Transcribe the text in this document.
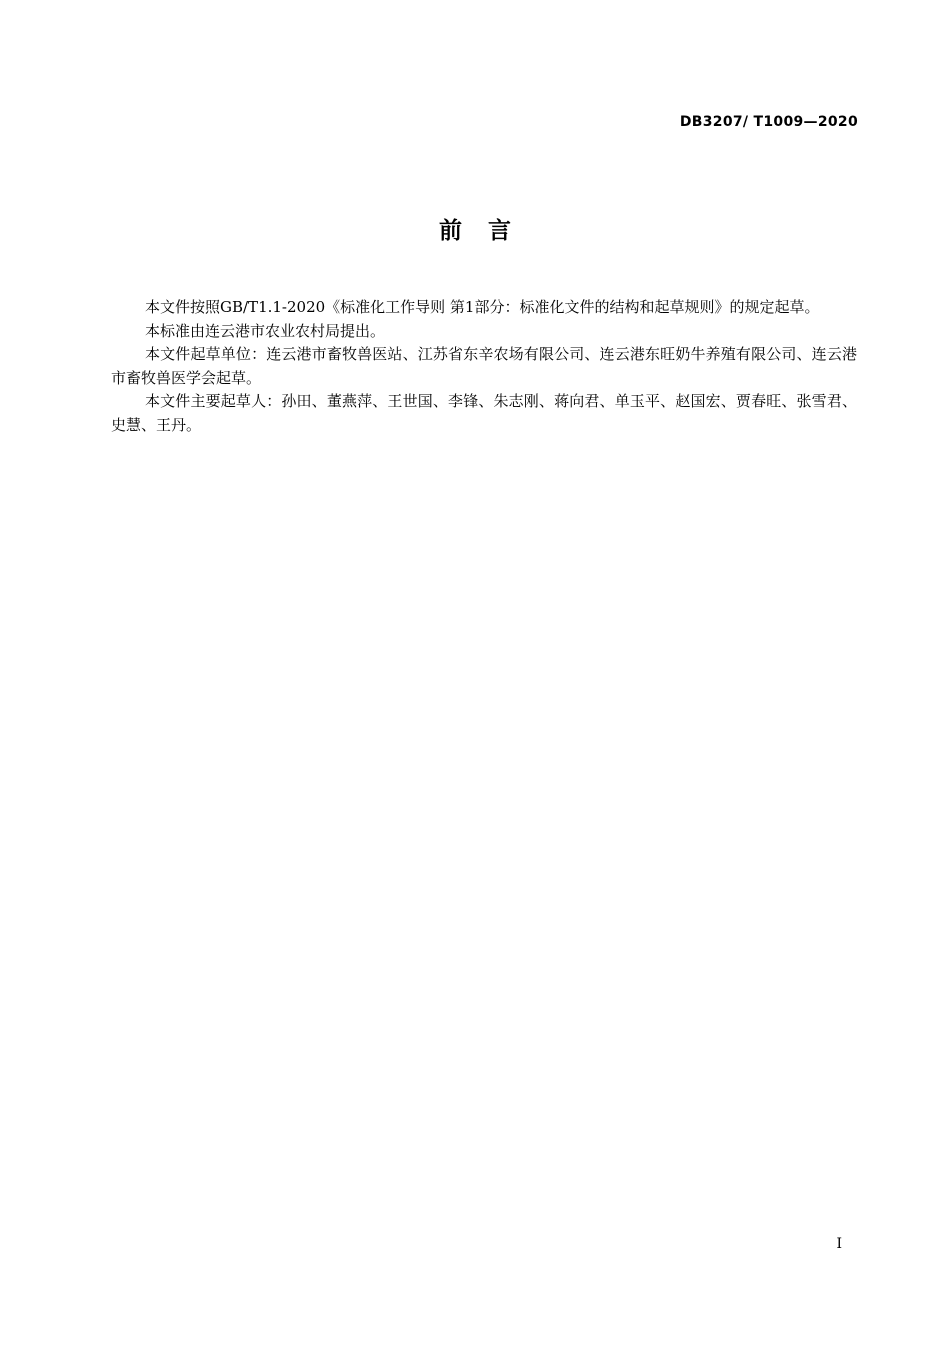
DB3207/ T1009—2020
前言

本文件按照GB/T1.1-2020《标准化工作导则 第1部分：标准化文件的结构和起草规则》的规定起草。

本标准由连云港市农业农村局提出。

本文件起草单位：连云港市畜牧兽医站、江苏省东辛农场有限公司、连云港东旺奶牛养殖有限公司、连云港市畜牧兽医学会起草。

本文件主要起草人：孙田、董燕萍、王世国、李锋、朱志刚、蒋向君、单玉平、赵国宏、贾春旺、张雪君、史慧、王丹。

I
